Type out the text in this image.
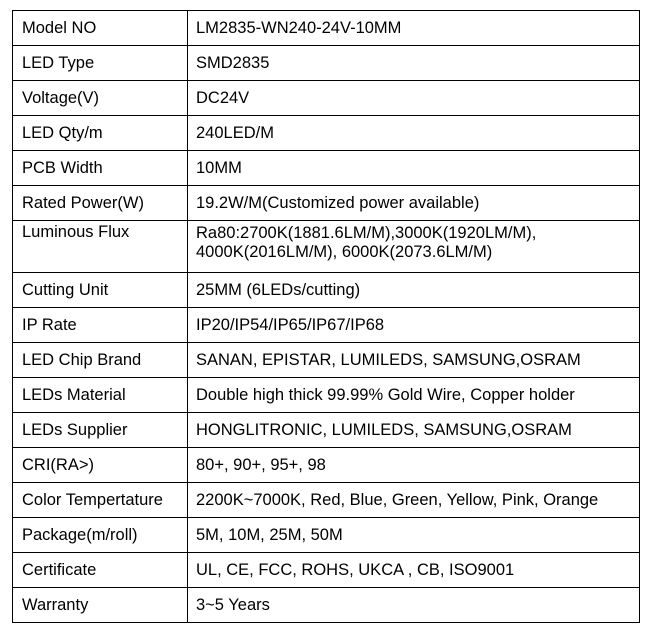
Model NO	LM2835-WN240-24V-10MM
LED Type	SMD2835
Voltage(V)	DC24V
LED Qty/m	240LED/M
PCB Width	10MM
Rated Power(W)	19.2W/M(Customized power available)
Luminous Flux	Ra80:2700K(1881.6LM/M),3000K(1920LM/M),
4000K(2016LM/M), 6000K(2073.6LM/M)

Cutting Unit	25MM (6LEDs/cutting)
IP Rate	IP20/IP54/IP65/IP67/IP68
LED Chip Brand	SANAN, EPISTAR, LUMILEDS, SAMSUNG,OSRAM
LEDs Material	Double high thick 99.99% Gold Wire, Copper holder
LEDs Supplier	HONGLITRONIC, LUMILEDS, SAMSUNG,OSRAM
CRI(RA>)	80+, 90+, 95+, 98
Color Tempertature	2200K~7000K, Red, Blue, Green, Yellow, Pink, Orange
Package(m/roll)	5M, 10M, 25M, 50M
Certificate	UL, CE, FCC, ROHS, UKCA , CB, ISO9001
Warranty	3~5 Years
